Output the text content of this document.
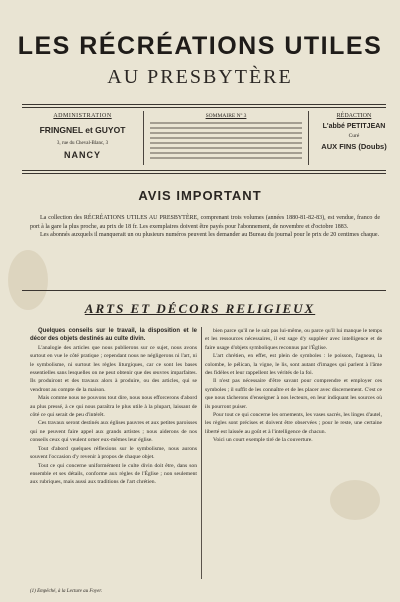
LES RÉCRÉATIONS UTILES
AU PRESBYTÈRE
ADMINISTRATION
FRINGNEL et GUYOT
3, rue du Cheval-Blanc, 3
NANCY
SOMMAIRE Nº 3	RÉDACTION
L'abbé PETITJEAN
Curé
AUX FINS (Doubs)
AVIS IMPORTANT

La collection des RÉCRÉATIONS UTILES AU PRESBYTÈRE, comprenant trois volumes (années 1880-81-82-83), est vendue, franco de port à la gare la plus proche, au prix de 18 fr. Les exemplaires doivent être payés pour l'abonnement, de novembre et d'octobre 1883.

Les abonnés auxquels il manquerait un ou plusieurs numéros peuvent les demander au Bureau du journal pour le prix de 20 centimes chaque.

ARTS ET DÉCORS RELIGIEUX

Quelques conseils sur le travail, la disposition et le décor des objets destinés au culte divin.

L'analogie des articles que nous publierons sur ce sujet, nous avons surtout en vue le côté pratique ; cependant nous ne négligerons ni l'art, ni le symbolisme, ni surtout les règles liturgiques, car ce sont les bases essentielles sans lesquelles on ne peut obtenir que des œuvres imparfaites. Ils produiront et des travaux alors à produire, ou des articles, qui se vendront au compte de la maison.

Mais comme nous ne pouvons tout dire, nous nous efforcerons d'abord au plus pressé, à ce qui nous paraîtra le plus utile à la plupart, laissant de côté ce qui serait de peu d'intérêt.

Ces travaux seront destinés aux églises pauvres et aux petites paroisses qui ne peuvent faire appel aux grands artistes ; nous aiderons de nos conseils ceux qui veulent orner eux-mêmes leur église.

Tout d'abord quelques réflexions sur le symbolisme, nous aurons souvent l'occasion d'y revenir à propos de chaque objet.

Tout ce qui concerne uniformément le culte divin doit être, dans son ensemble et ses détails, conforme aux règles de l'Église ; non seulement aux rubriques, mais aussi aux traditions de l'art chrétien.

bien parce qu'il ne le sait pas lui-même, ou parce qu'il lui manque le temps et les ressources nécessaires, il est sage d'y suppléer avec intelligence et de faire usage d'objets symboliques reconnus par l'Église.

L'art chrétien, en effet, est plein de symboles : le poisson, l'agneau, la colombe, le pélican, la vigne, le lis, sont autant d'images qui parlent à l'âme des fidèles et leur rappellent les vérités de la foi.

Il n'est pas nécessaire d'être savant pour comprendre et employer ces symboles ; il suffit de les connaître et de les placer avec discernement. C'est ce que nous tâcherons d'enseigner à nos lecteurs, en leur indiquant les sources où ils pourront puiser.

Pour tout ce qui concerne les ornements, les vases sacrés, les linges d'autel, les règles sont précises et doivent être observées ; pour le reste, une certaine liberté est laissée au goût et à l'intelligence de chacun.

Voici un court exemple tiré de la couverture.

(1) Empêché, à la Lecture au Foyer.
